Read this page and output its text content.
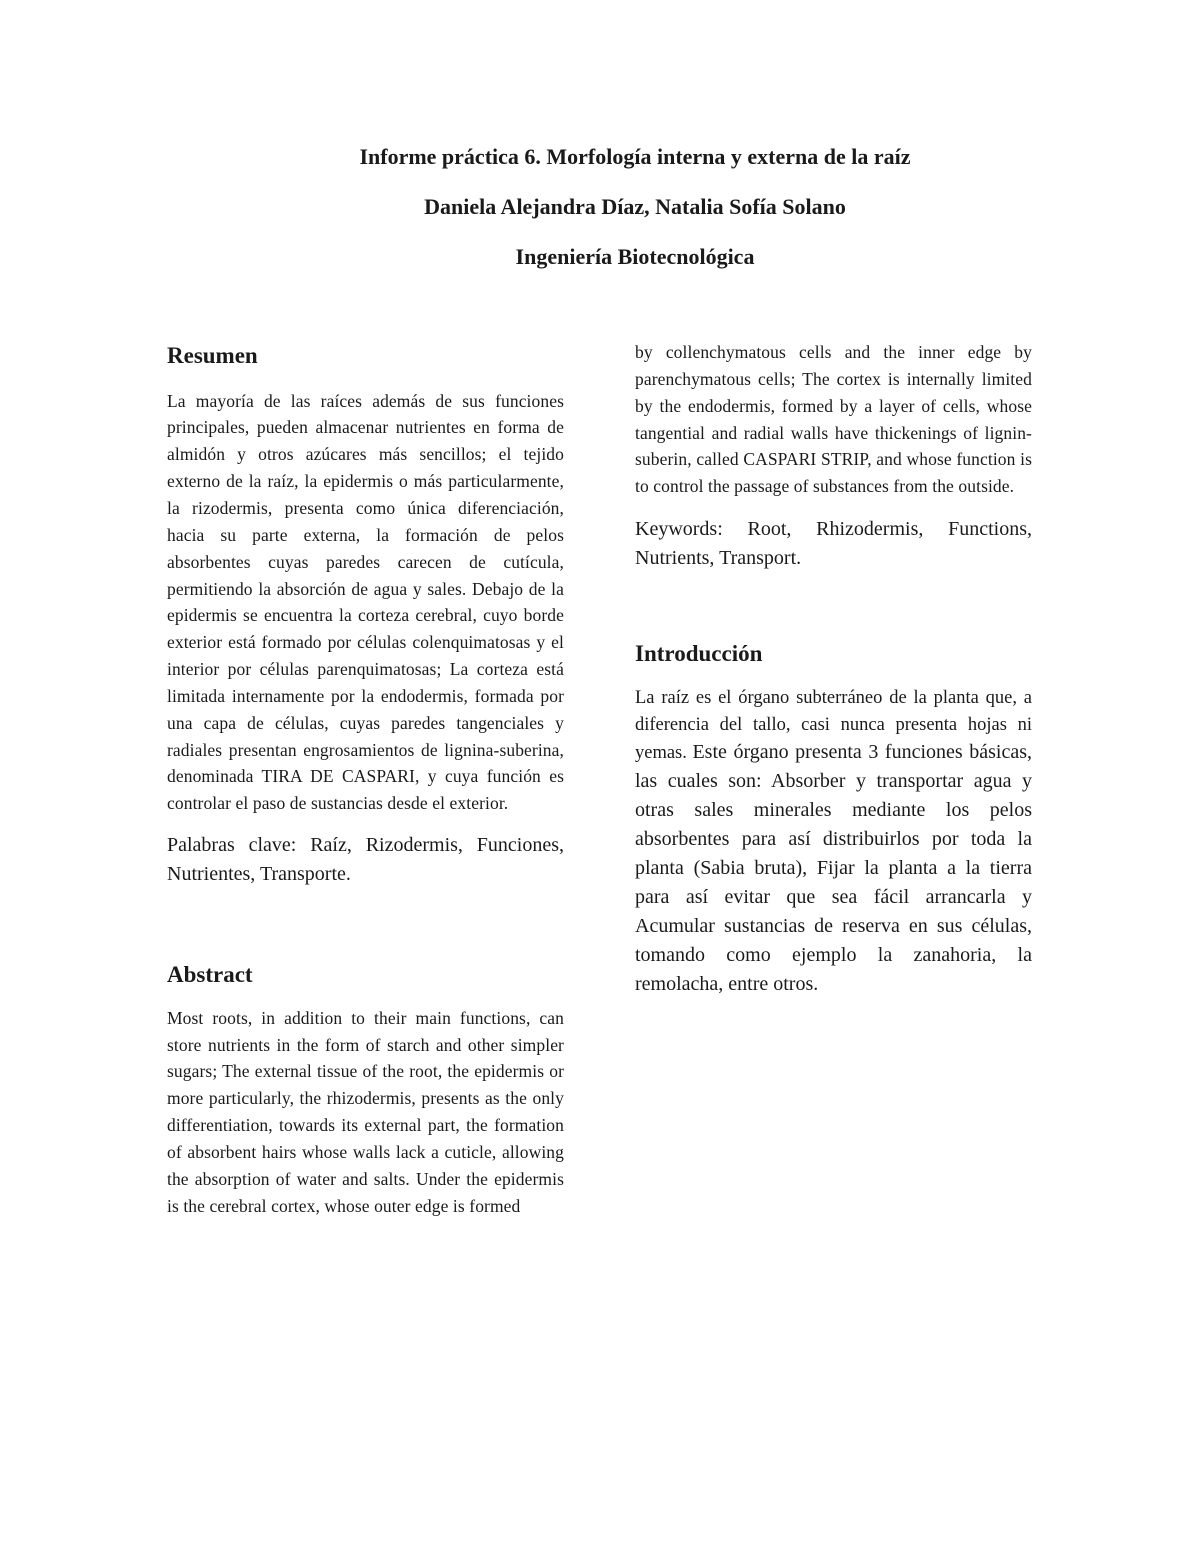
Informe práctica 6. Morfología interna y externa de la raíz

Daniela Alejandra Díaz, Natalia Sofía Solano

Ingeniería Biotecnológica

Resumen

La mayoría de las raíces además de sus funciones principales, pueden almacenar nutrientes en forma de almidón y otros azúcares más sencillos; el tejido externo de la raíz, la epidermis o más particularmente, la rizodermis, presenta como única diferenciación, hacia su parte externa, la formación de pelos absorbentes cuyas paredes carecen de cutícula, permitiendo la absorción de agua y sales. Debajo de la epidermis se encuentra la corteza cerebral, cuyo borde exterior está formado por células colenquimatosas y el interior por células parenquimatosas; La corteza está limitada internamente por la endodermis, formada por una capa de células, cuyas paredes tangenciales y radiales presentan engrosamientos de lignina-suberina, denominada TIRA DE CASPARI, y cuya función es controlar el paso de sustancias desde el exterior.

Palabras clave: Raíz, Rizodermis, Funciones, Nutrientes, Transporte.

Abstract

Most roots, in addition to their main functions, can store nutrients in the form of starch and other simpler sugars; The external tissue of the root, the epidermis or more particularly, the rhizodermis, presents as the only differentiation, towards its external part, the formation of absorbent hairs whose walls lack a cuticle, allowing the absorption of water and salts. Under the epidermis is the cerebral cortex, whose outer edge is formed

by collenchymatous cells and the inner edge by parenchymatous cells; The cortex is internally limited by the endodermis, formed by a layer of cells, whose tangential and radial walls have thickenings of lignin-suberin, called CASPARI STRIP, and whose function is to control the passage of substances from the outside.

Keywords: Root, Rhizodermis, Functions, Nutrients, Transport.

Introducción

La raíz es el órgano subterráneo de la planta que, a diferencia del tallo, casi nunca presenta hojas ni yemas. Este órgano presenta 3 funciones básicas, las cuales son: Absorber y transportar agua y otras sales minerales mediante los pelos absorbentes para así distribuirlos por toda la planta (Sabia bruta), Fijar la planta a la tierra para así evitar que sea fácil arrancarla y Acumular sustancias de reserva en sus células, tomando como ejemplo la zanahoria, la remolacha, entre otros.
